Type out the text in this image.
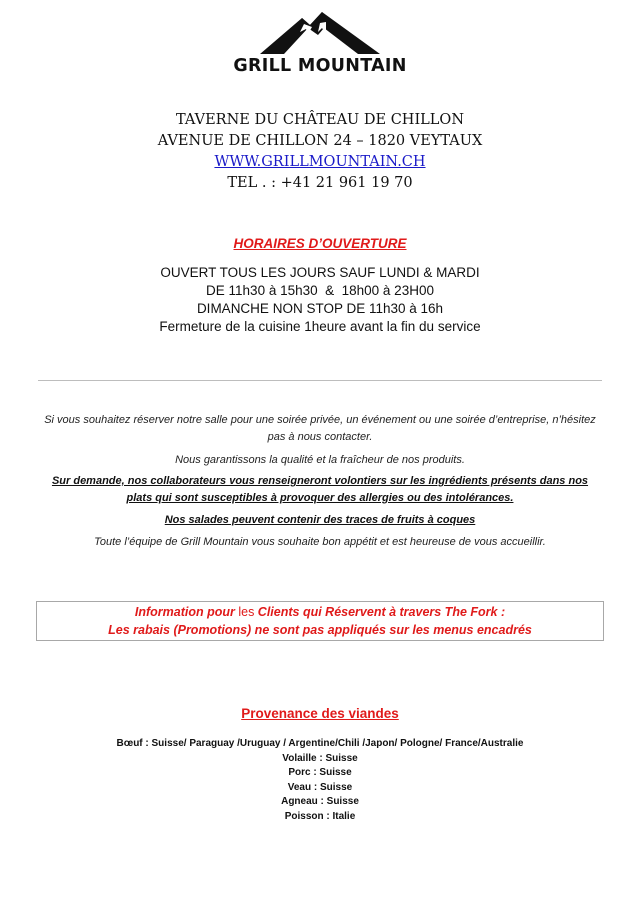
GRILL MOUNTAIN
TAVERNE DU CHÂTEAU DE CHILLON
AVENUE DE CHILLON 24 – 1820 VEYTAUX
WWW.GRILLMOUNTAIN.CH
TEL . : +41 21 961 19 70
HORAIRES D’OUVERTURE
OUVERT TOUS LES JOURS SAUF LUNDI & MARDI
DE 11h30 à 15h30  &  18h00 à 23H00
DIMANCHE NON STOP DE 11h30 à 16h
Fermeture de la cuisine 1heure avant la fin du service
Si vous souhaitez réserver notre salle pour une soirée privée, un événement ou une soirée d’entreprise, n’hésitez pas à nous contacter.
Nous garantissons la qualité et la fraîcheur de nos produits.
Sur demande, nos collaborateurs vous renseigneront volontiers sur les ingrédients présents dans nos plats qui sont susceptibles à provoquer des allergies ou des intolérances.
Nos salades peuvent contenir des traces de fruits à coques
Toute l’équipe de Grill Mountain vous souhaite bon appétit et est heureuse de vous accueillir.
Information pour les Clients qui Réservent à travers The Fork :
Les rabais (Promotions) ne sont pas appliqués sur les menus encadrés
Provenance des viandes
Bœuf : Suisse/ Paraguay /Uruguay / Argentine/Chili /Japon/ Pologne/ France/Australie
Volaille : Suisse
Porc : Suisse
Veau : Suisse
Agneau : Suisse
Poisson : Italie
